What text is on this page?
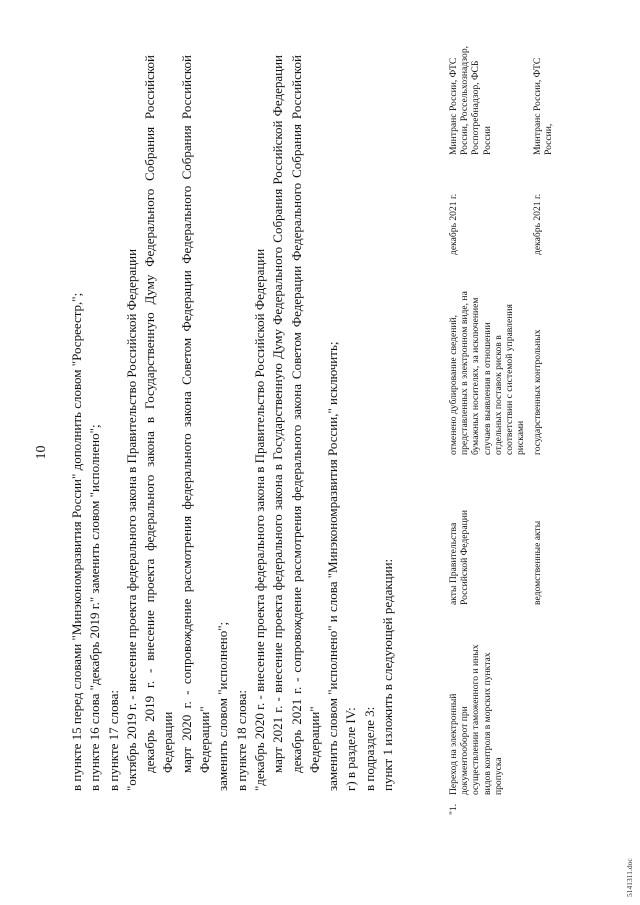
10 в пункте 15 перед словами "Минэкономразвития России" дополнить словом "Росреестр,"; в пункте 16 слова "декабрь 2019 г." заменить словом "исполнено"; в пункте 17 слова: "октябрь 2019 г. - внесение проекта федерального закона в Правительство Российской Федерации декабрь 2019 г. - внесение проекта федерального закона в Государственную Думу Федерального Собрания Российской Федерации март 2020 г. - сопровождение рассмотрения федерального закона Советом Федерации Федерального Собрания Российской Федерации" заменить словом "исполнено"; в пункте 18 слова: "декабрь 2020 г. - внесение проекта федерального закона в Правительство Российской Федерации март 2021 г. - внесение проекта федерального закона в Государственную Думу Федерального Собрания Российской Федерации декабрь 2021 г. - сопровождение рассмотрения федерального закона Советом Федерации Федерального Собрания Российской Федерации" заменить словом "исполнено" и слова "Минэкономразвития России," исключить; г) в разделе IV: в подразделе 3: пункт 1 изложить в следующей редакции:

"1.
Переход на электронный документооборот при осуществлении таможенного и иных видов контроля в морских пунктах пропуска
акты Правительства Российской Федерации
отменено дублирование сведений, представленных в электронном виде, на бумажных носителях, за исключением случаев выявления в отношении отдельных поставок рисков в соответствии с системой управления рисками
декабрь 2021 г.
Минтранс России, ФТС России, Россельхознадзор, Роспотребнадзор, ФСБ России
ведомственные акты
государственных контрольных
декабрь 2021 г.
Минтранс России, ФТС России,
5141311.doc
